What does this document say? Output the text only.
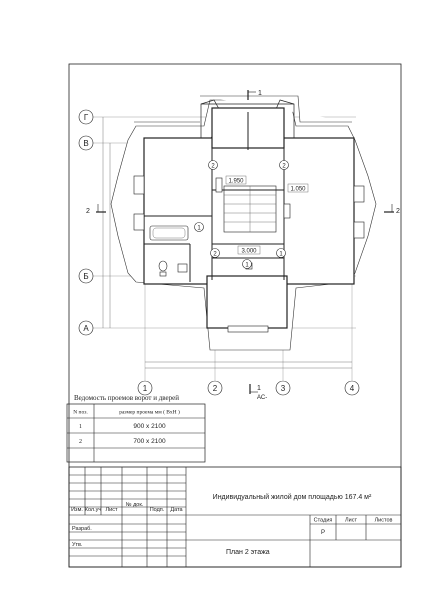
Г
В
Б
А
1	2	3	4
1
1
АС-
2	2
2	2
2
1
1
1
1.950
1.050
3.000
Ведомость проемов ворот и дверей
N поз.	размер проема мм ( ВхН )
1	900 x 2100
2	700 x 2100
Индивидуальный жилой дом площадью 167.4 м²
План 2 этажа
Изм. Кол.уч Лист
№ док.
Подп. Дата
Разраб.
Утв.
Стадия Лист	Листов
Р
